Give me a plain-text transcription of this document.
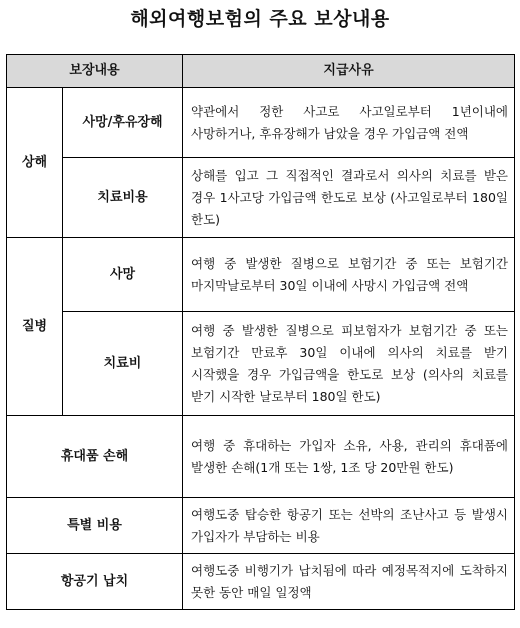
해외여행보험의 주요 보상내용
보장내용		지급사유
상해	사망/후유장해	약관에서 정한 사고로 사고일로부터 1년이내에 사망하거나, 후유장해가 남았을 경우 가입금액 전액
	치료비용	상해를 입고 그 직접적인 결과로서 의사의 치료를 받은 경우 1사고당 가입금액 한도로 보상 (사고일로부터 180일 한도)
질병	사망	여행 중 발생한 질병으로 보험기간 중 또는 보험기간 마지막날로부터 30일 이내에 사망시 가입금액 전액
	치료비	여행 중 발생한 질병으로 피보험자가 보험기간 중 또는 보험기간 만료후 30일 이내에 의사의 치료를 받기 시작했을 경우 가입금액을 한도로 보상 (의사의 치료를 받기 시작한 날로부터 180일 한도)
휴대품 손해		여행 중 휴대하는 가입자 소유, 사용, 관리의 휴대품에 발생한 손해(1개 또는 1쌍, 1조 당 20만원 한도)
특별 비용		여행도중 탑승한 항공기 또는 선박의 조난사고 등 발생시 가입자가 부담하는 비용
항공기 납치		여행도중 비행기가 납치됨에 따라 예정목적지에 도착하지 못한 동안 매일 일정액
